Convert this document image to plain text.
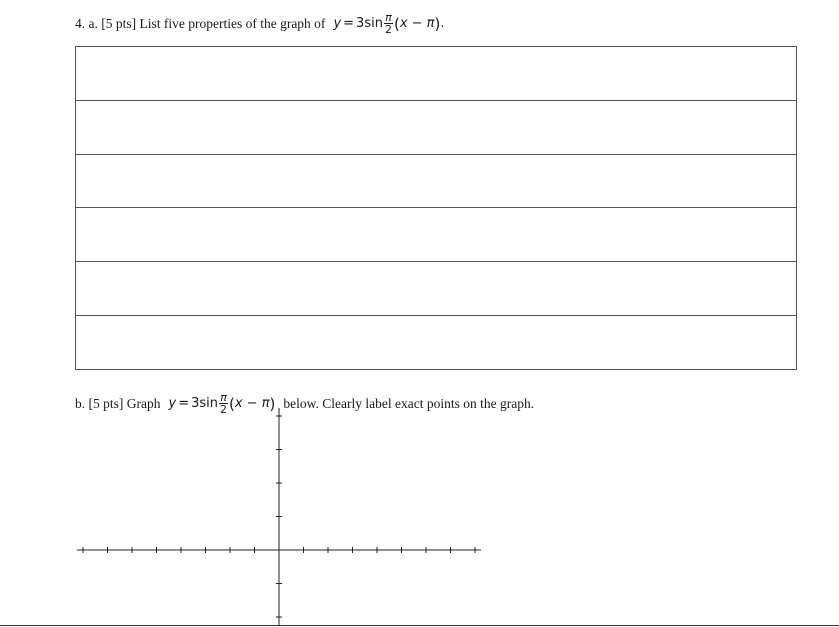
4. a. [5 pts] List five properties of the graph of $y = 3\sin \frac{\pi}{2}$ ( x − π ) .
b. [5 pts] Graph $y = 3\sin \frac{\pi}{2}$ ( x − π ) below. Clearly label exact points on the graph.
